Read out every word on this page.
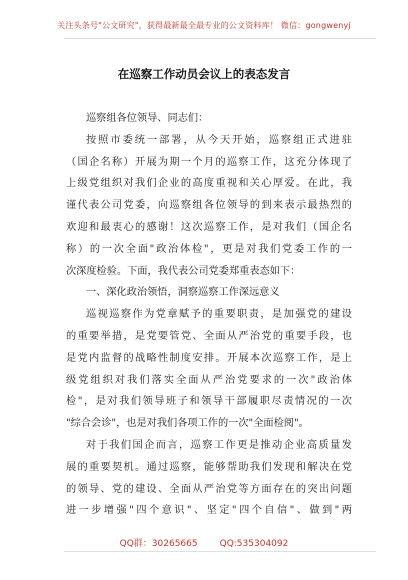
关注头条号"公文研究"，获得最新最全最专业的公文资料库！ 微信：gongwenyj
在巡察工作动员会议上的表态发言
巡察组各位领导、同志们：
按照市委统一部署，从今天开始，巡察组正式进驻
（国企名称）开展为期一个月的巡察工作，这充分体现了
上级党组织对我们企业的高度重视和关心厚爱。在此，我
谨代表公司党委，向巡察组各位领导的到来表示最热烈的
欢迎和最衷心的感谢！这次巡察工作，是对我们（国企名
称）的一次全面"政治体检"，更是对我们党委工作的一
次深度检验。下面，我代表公司党委郑重表态如下：
一、深化政治领悟，洞察巡察工作深远意义
巡视巡察作为党章赋予的重要职责，是加强党的建设
的重要举措，是党要管党、全面从严治党的重要手段，也
是党内监督的战略性制度安排。开展本次巡察工作，是上
级党组织对我们落实全面从严治党要求的一次"政治体
检"，是对我们领导班子和领导干部履职尽责情况的一次
"综合会诊"，也是对我们各项工作的一次"全面检阅"。
对于我们国企而言，巡察工作更是推动企业高质量发
展的重要契机。通过巡察，能够帮助我们发现和解决在党
的领导、党的建设、全面从严治党等方面存在的突出问题
进一步增强"四个意识"、坚定"四个自信"、做到"两
QQ群：30265665 QQ:535304092
